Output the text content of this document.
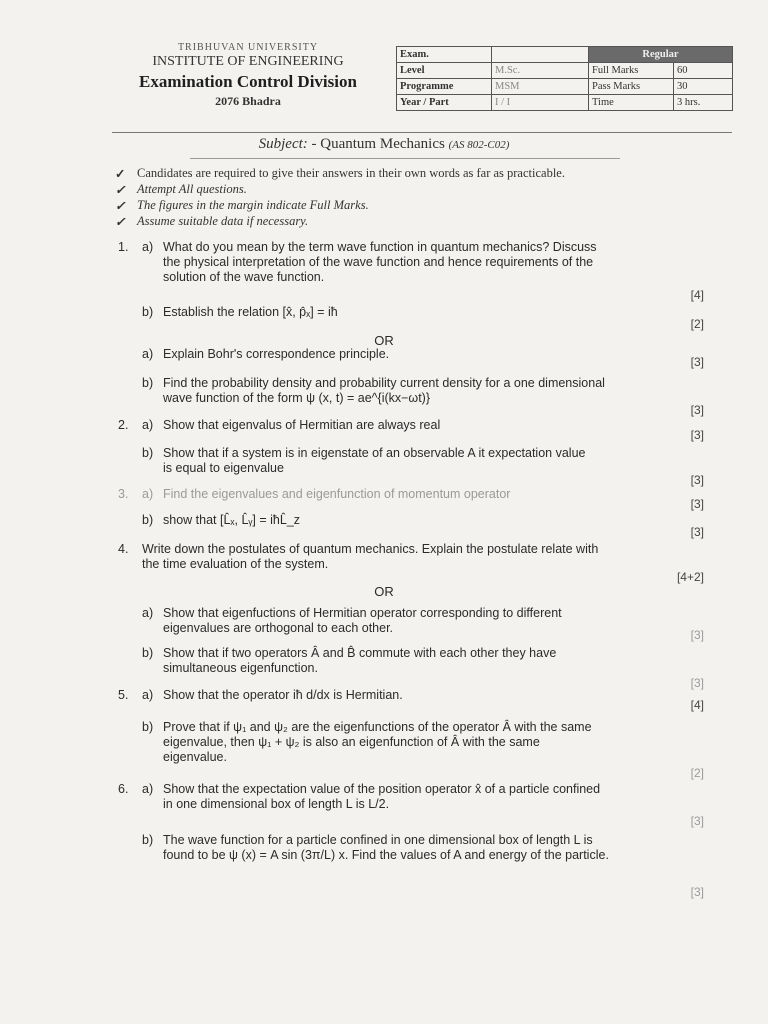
TRIBHUVAN UNIVERSITY
INSTITUTE OF ENGINEERING
Examination Control Division
2076 Bhadra
Exam.		Regular	
Level	M.Sc.	Full Marks	60
Programme	MSM	Pass Marks	30
Year / Part	I / I	Time	3 hrs.
Subject: - Quantum Mechanics (AS 802-C02)
✓ Candidates are required to give their answers in their own words as far as practicable.
✓ Attempt All questions.
✓ The figures in the margin indicate Full Marks.
✓ Assume suitable data if necessary.
1. a) What do you mean by the term wave function in quantum mechanics? Discuss
the physical interpretation of the wave function and hence requirements of the
solution of the wave function.
[4]
b) Establish the relation [x̂, p̂ₓ] = iħ
[2]
OR
a) Explain Bohr's correspondence principle.
[3]
b) Find the probability density and probability current density for a one dimensional
wave function of the form ψ (x, t) = ae^{i(kx−ωt)}
[3]
2. a) Show that eigenvalus of Hermitian are always real
[3]
b) Show that if a system is in eigenstate of an observable A it expectation value
is equal to eigenvalue
[3]
3. a) Find the eigenvalues and eigenfunction of momentum operator
[3]
b) show that [L̂ₓ, L̂ᵧ] = iħL̂_z
[3]
4. Write down the postulates of quantum mechanics. Explain the postulate relate with
the time evaluation of the system.
[4+2]
OR
a) Show that eigenfuctions of Hermitian operator corresponding to different
eigenvalues are orthogonal to each other.	[3]
b) Show that if two operators Â and B̂ commute with each other they have
simultaneous eigenfunction.
[3]
5. a) Show that the operator iħ d/dx is Hermitian.
[4]
b) Prove that if ψ₁ and ψ₂ are the eigenfunctions of the operator Â with the same
eigenvalue, then ψ₁ + ψ₂ is also an eigenfunction of Â with the same
eigenvalue.
[2]
6. a) Show that the expectation value of the position operator x̂ of a particle confined
in one dimensional box of length L is L/2.
[3]
b) The wave function for a particle confined in one dimensional box of length L is
found to be ψ (x) = A sin (3π/L) x. Find the values of A and energy of the particle.
[3]
